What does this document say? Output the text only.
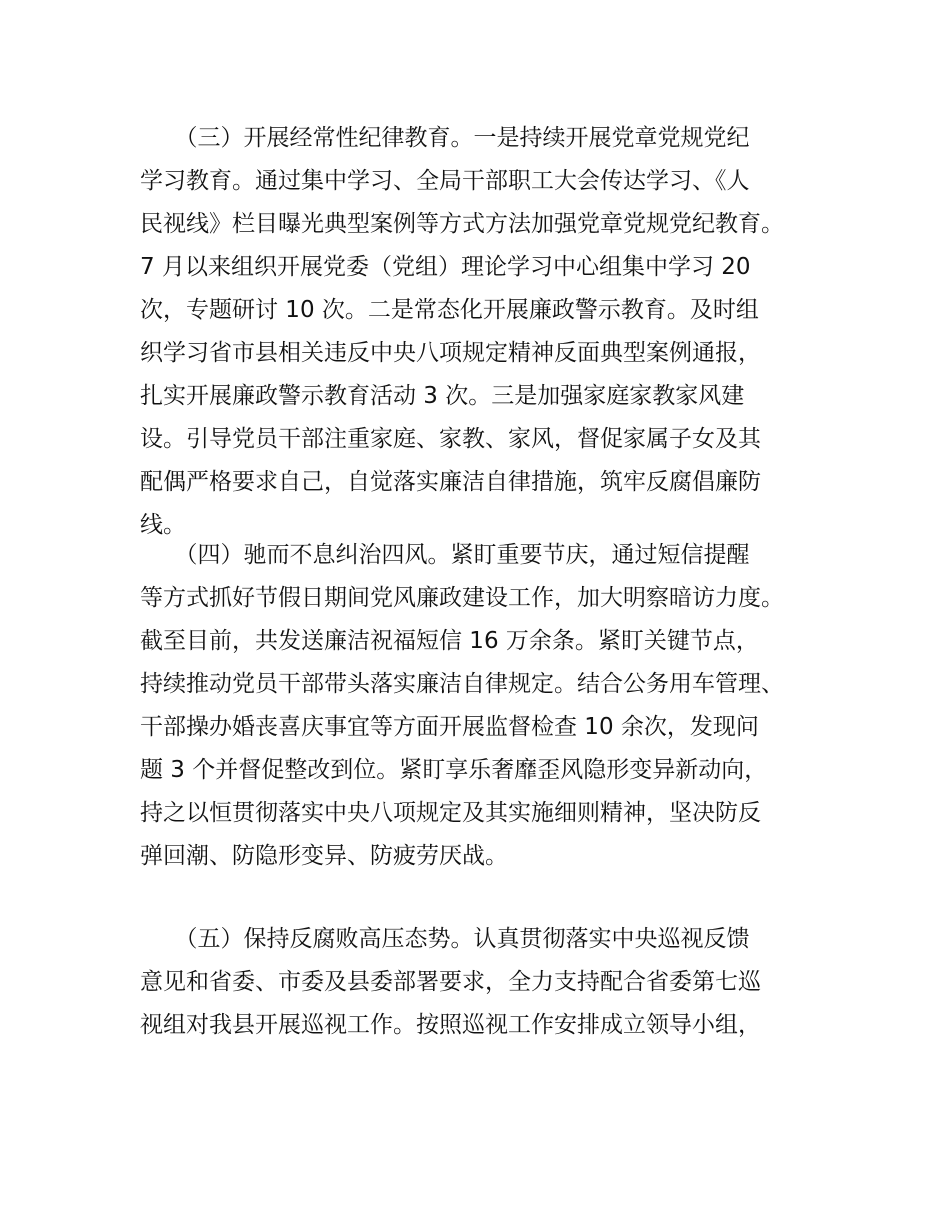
　　（三）开展经常性纪律教育。一是持续开展党章党规党纪
学习教育。通过集中学习、全局干部职工大会传达学习、《人
民视线》栏目曝光典型案例等方式方法加强党章党规党纪教育。
7 月以来组织开展党委（党组）理论学习中心组集中学习 20
次，专题研讨 10 次。二是常态化开展廉政警示教育。及时组
织学习省市县相关违反中央八项规定精神反面典型案例通报，
扎实开展廉政警示教育活动 3 次。三是加强家庭家教家风建
设。引导党员干部注重家庭、家教、家风，督促家属子女及其
配偶严格要求自己，自觉落实廉洁自律措施，筑牢反腐倡廉防
线。
　　（四）驰而不息纠治四风。紧盯重要节庆，通过短信提醒
等方式抓好节假日期间党风廉政建设工作，加大明察暗访力度。
截至目前，共发送廉洁祝福短信 16 万余条。紧盯关键节点，
持续推动党员干部带头落实廉洁自律规定。结合公务用车管理、
干部操办婚丧喜庆事宜等方面开展监督检查 10 余次，发现问
题 3 个并督促整改到位。紧盯享乐奢靡歪风隐形变异新动向，
持之以恒贯彻落实中央八项规定及其实施细则精神，坚决防反
弹回潮、防隐形变异、防疲劳厌战。
　　（五）保持反腐败高压态势。认真贯彻落实中央巡视反馈
意见和省委、市委及县委部署要求，全力支持配合省委第七巡
视组对我县开展巡视工作。按照巡视工作安排成立领导小组，
